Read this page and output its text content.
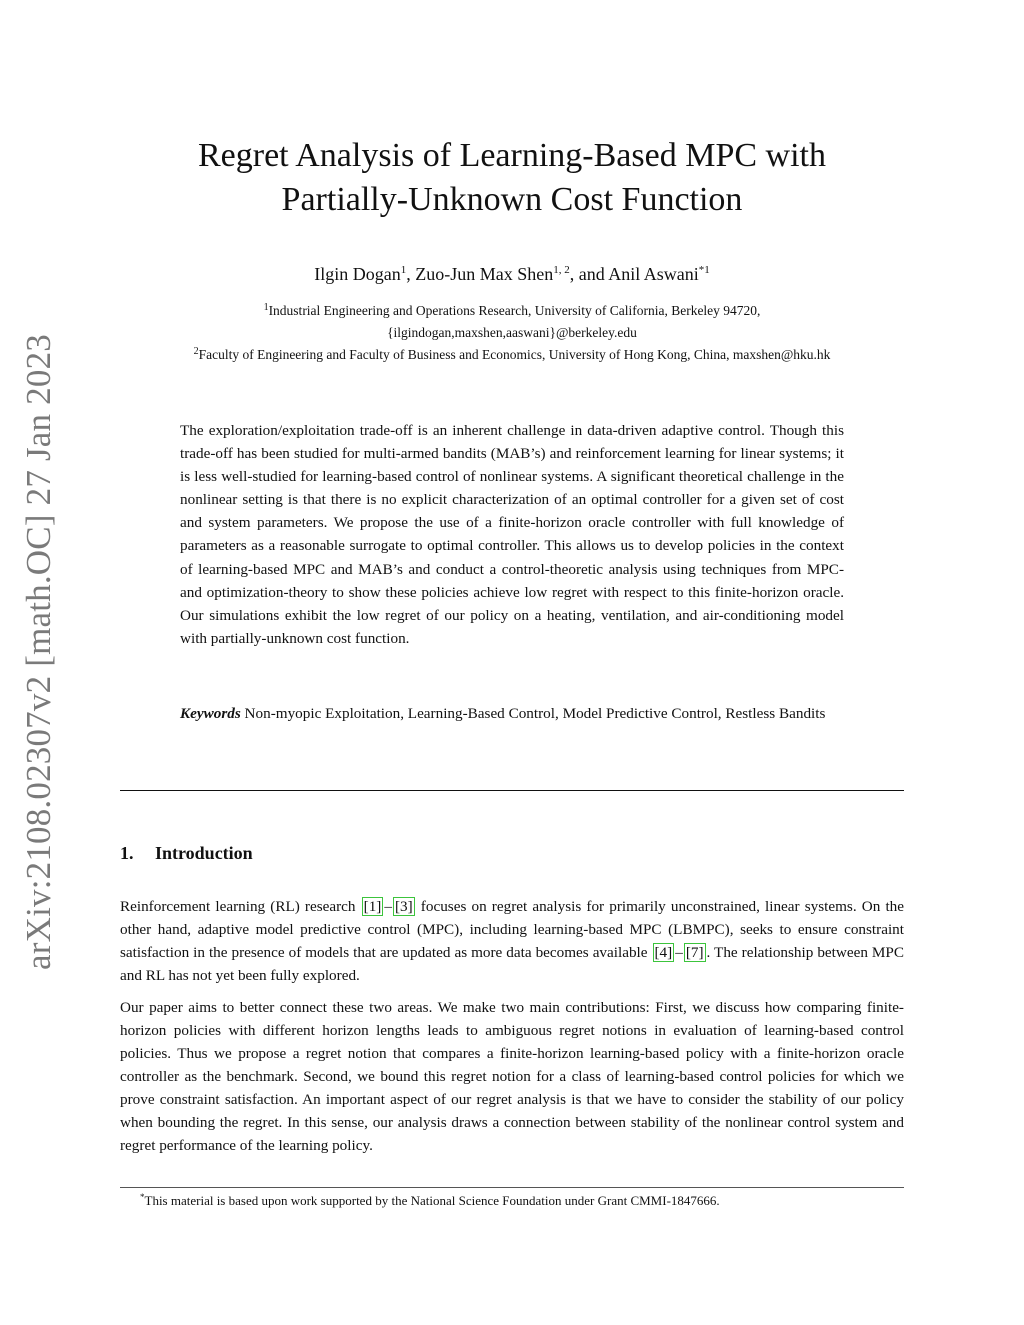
arXiv:2108.02307v2 [math.OC] 27 Jan 2023
Regret Analysis of Learning-Based MPC with
Partially-Unknown Cost Function
Ilgin Dogan$^1$, Zuo-Jun Max Shen$^{1, 2}$, and Anil Aswani$^{*1}$
$^1$Industrial Engineering and Operations Research, University of California, Berkeley 94720,
{ilgindogan,maxshen,aaswani}@berkeley.edu
$^2$Faculty of Engineering and Faculty of Business and Economics, University of Hong Kong, China, maxshen@hku.hk
The exploration/exploitation trade-off is an inherent challenge in data-driven adaptive control. Though this trade-off has been studied for multi-armed bandits (MAB’s) and reinforcement learning for linear systems; it is less well-studied for learning-based control of nonlinear systems. A significant theoretical challenge in the nonlinear setting is that there is no explicit characterization of an optimal controller for a given set of cost and system parameters. We propose the use of a finite-horizon oracle controller with full knowledge of parameters as a reasonable surrogate to optimal controller. This allows us to develop policies in the context of learning-based MPC and MAB’s and conduct a control-theoretic analysis using techniques from MPC- and optimization-theory to show these policies achieve low regret with respect to this finite-horizon oracle. Our simulations exhibit the low regret of our policy on a heating, ventilation, and air-conditioning model with partially-unknown cost function.
Keywords Non-myopic Exploitation, Learning-Based Control, Model Predictive Control, Restless Bandits
1. Introduction
Reinforcement learning (RL) research [1] – [3] focuses on regret analysis for primarily unconstrained, linear systems. On the other hand, adaptive model predictive control (MPC), including learning-based MPC (LBMPC), seeks to ensure constraint satisfaction in the presence of models that are updated as more data becomes available [4] – [7] . The relationship between MPC and RL has not yet been fully explored.
Our paper aims to better connect these two areas. We make two main contributions: First, we discuss how comparing finite-horizon policies with different horizon lengths leads to ambiguous regret notions in evaluation of learning-based control policies. Thus we propose a regret notion that compares a finite-horizon learning-based policy with a finite-horizon oracle controller as the benchmark. Second, we bound this regret notion for a class of learning-based control policies for which we prove constraint satisfaction. An important aspect of our regret analysis is that we have to consider the stability of our policy when bounding the regret. In this sense, our analysis draws a connection between stability of the nonlinear control system and regret performance of the learning policy.
*This material is based upon work supported by the National Science Foundation under Grant CMMI-1847666.
